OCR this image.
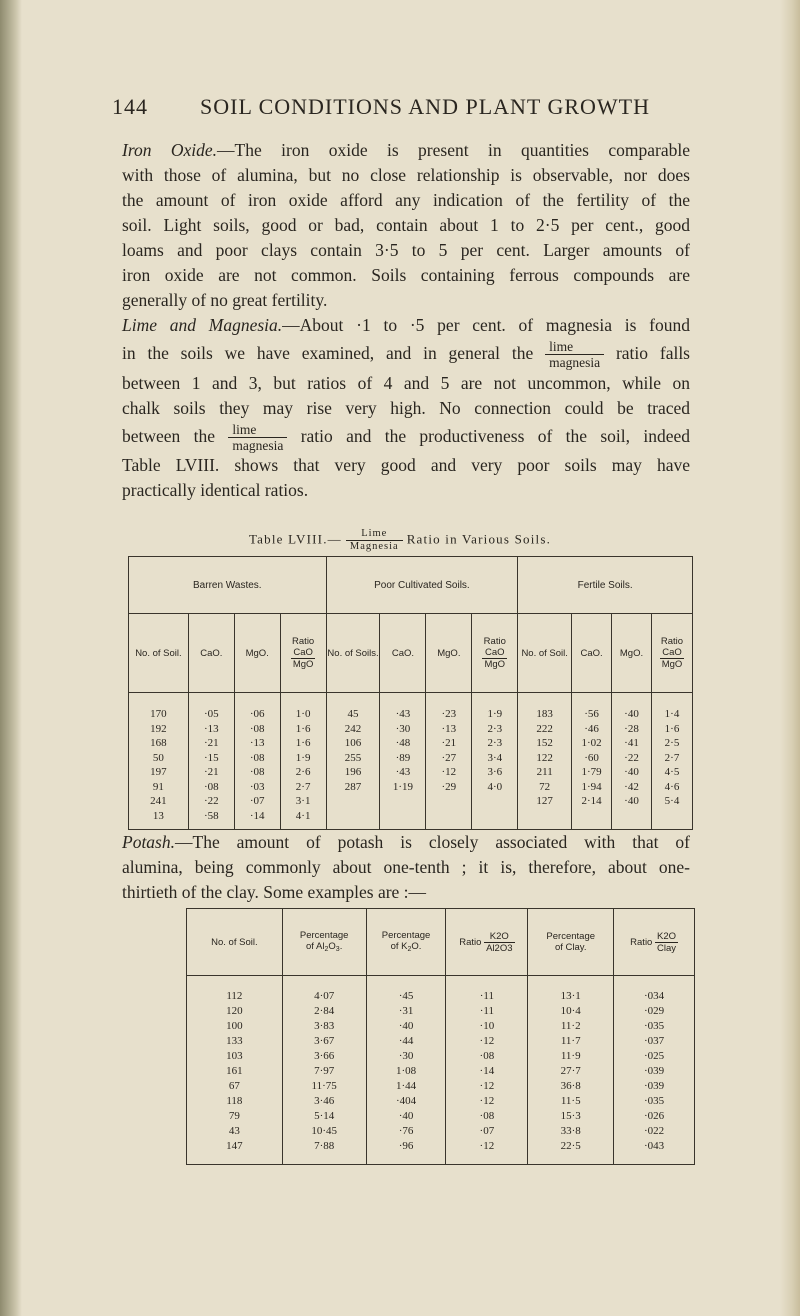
144 SOIL CONDITIONS AND PLANT GROWTH
Iron Oxide.—The iron oxide is present in quantities comparable
with those of alumina, but no close relationship is observable, nor does
the amount of iron oxide afford any indication of the fertility of the
soil. Light soils, good or bad, contain about 1 to 2·5 per cent., good
loams and poor clays contain 3·5 to 5 per cent. Larger amounts of
iron oxide are not common. Soils containing ferrous compounds are
generally of no great fertility.
Lime and Magnesia.—About ·1 to ·5 per cent. of magnesia is found
in the soils we have examined, and in general the $\frac{\lim e}{\text{magnesia}}$ ratio falls
between 1 and 3, but ratios of 4 and 5 are not uncommon, while on
chalk soils they may rise very high. No connection could be traced
between the $\frac{\lim e}{\text{magnesia}}$ ratio and the productiveness of the soil, indeed
Table LVIII. shows that very good and very poor soils may have
practically identical ratios.
Table LVIII.— $\frac{\text{Lime}}{\text{Magnesia}}$ Ratio in Various Soils.
Barren Wastes.				Poor Cultivated Soils.				Fertile Soils.			
No. of Soil.	CaO.	MgO.	Ratio

CaO
MgO	No. of Soils.	CaO.	MgO.	Ratio

CaO
MgO	No. of Soil.	CaO.	MgO.	Ratio

CaO
MgO

170	·05	·06	1·0	45	·43	·23	1·9	183	·56	·40	1·4
192	·13	·08	1·6	242	·30	·13	2·3	222	·46	·28	1·6
168	·21	·13	1·6	106	·48	·21	2·3	152	1·02	·41	2·5
50	·15	·08	1·9	255	·89	·27	3·4	122	·60	·22	2·7
197	·21	·08	2·6	196	·43	·12	3·6	211	1·79	·40	4·5
91	·08	·03	2·7	287	1·19	·29	4·0	72	1·94	·42	4·6
241	·22	·07	3·1					127	2·14	·40	5·4
13	·58	·14	4·1								
Potash.—The amount of potash is closely associated with that of
alumina, being commonly about one-tenth ; it is, therefore, about one-
thirtieth of the clay. Some examples are :—
No. of Soil.	Percentage
of $Al_2O_3$.	Percentage
of $K_2O$.	Ratio $\frac{K2O}{Al2O3}$	Percentage
of Clay.	Ratio
K2O
Clay

112	4·07	·45	·11	13·1	·034
120	2·84	·31	·11	10·4	·029
100	3·83	·40	·10	11·2	·035
133	3·67	·44	·12	11·7	·037
103	3·66	·30	·08	11·9	·025
161	7·97	1·08	·14	27·7	·039
67	11·75	1·44	·12	36·8	·039
118	3·46	·404	·12	11·5	·035
79	5·14	·40	·08	15·3	·026
43	10·45	·76	·07	33·8	·022
147	7·88	·96	·12	22·5	·043
